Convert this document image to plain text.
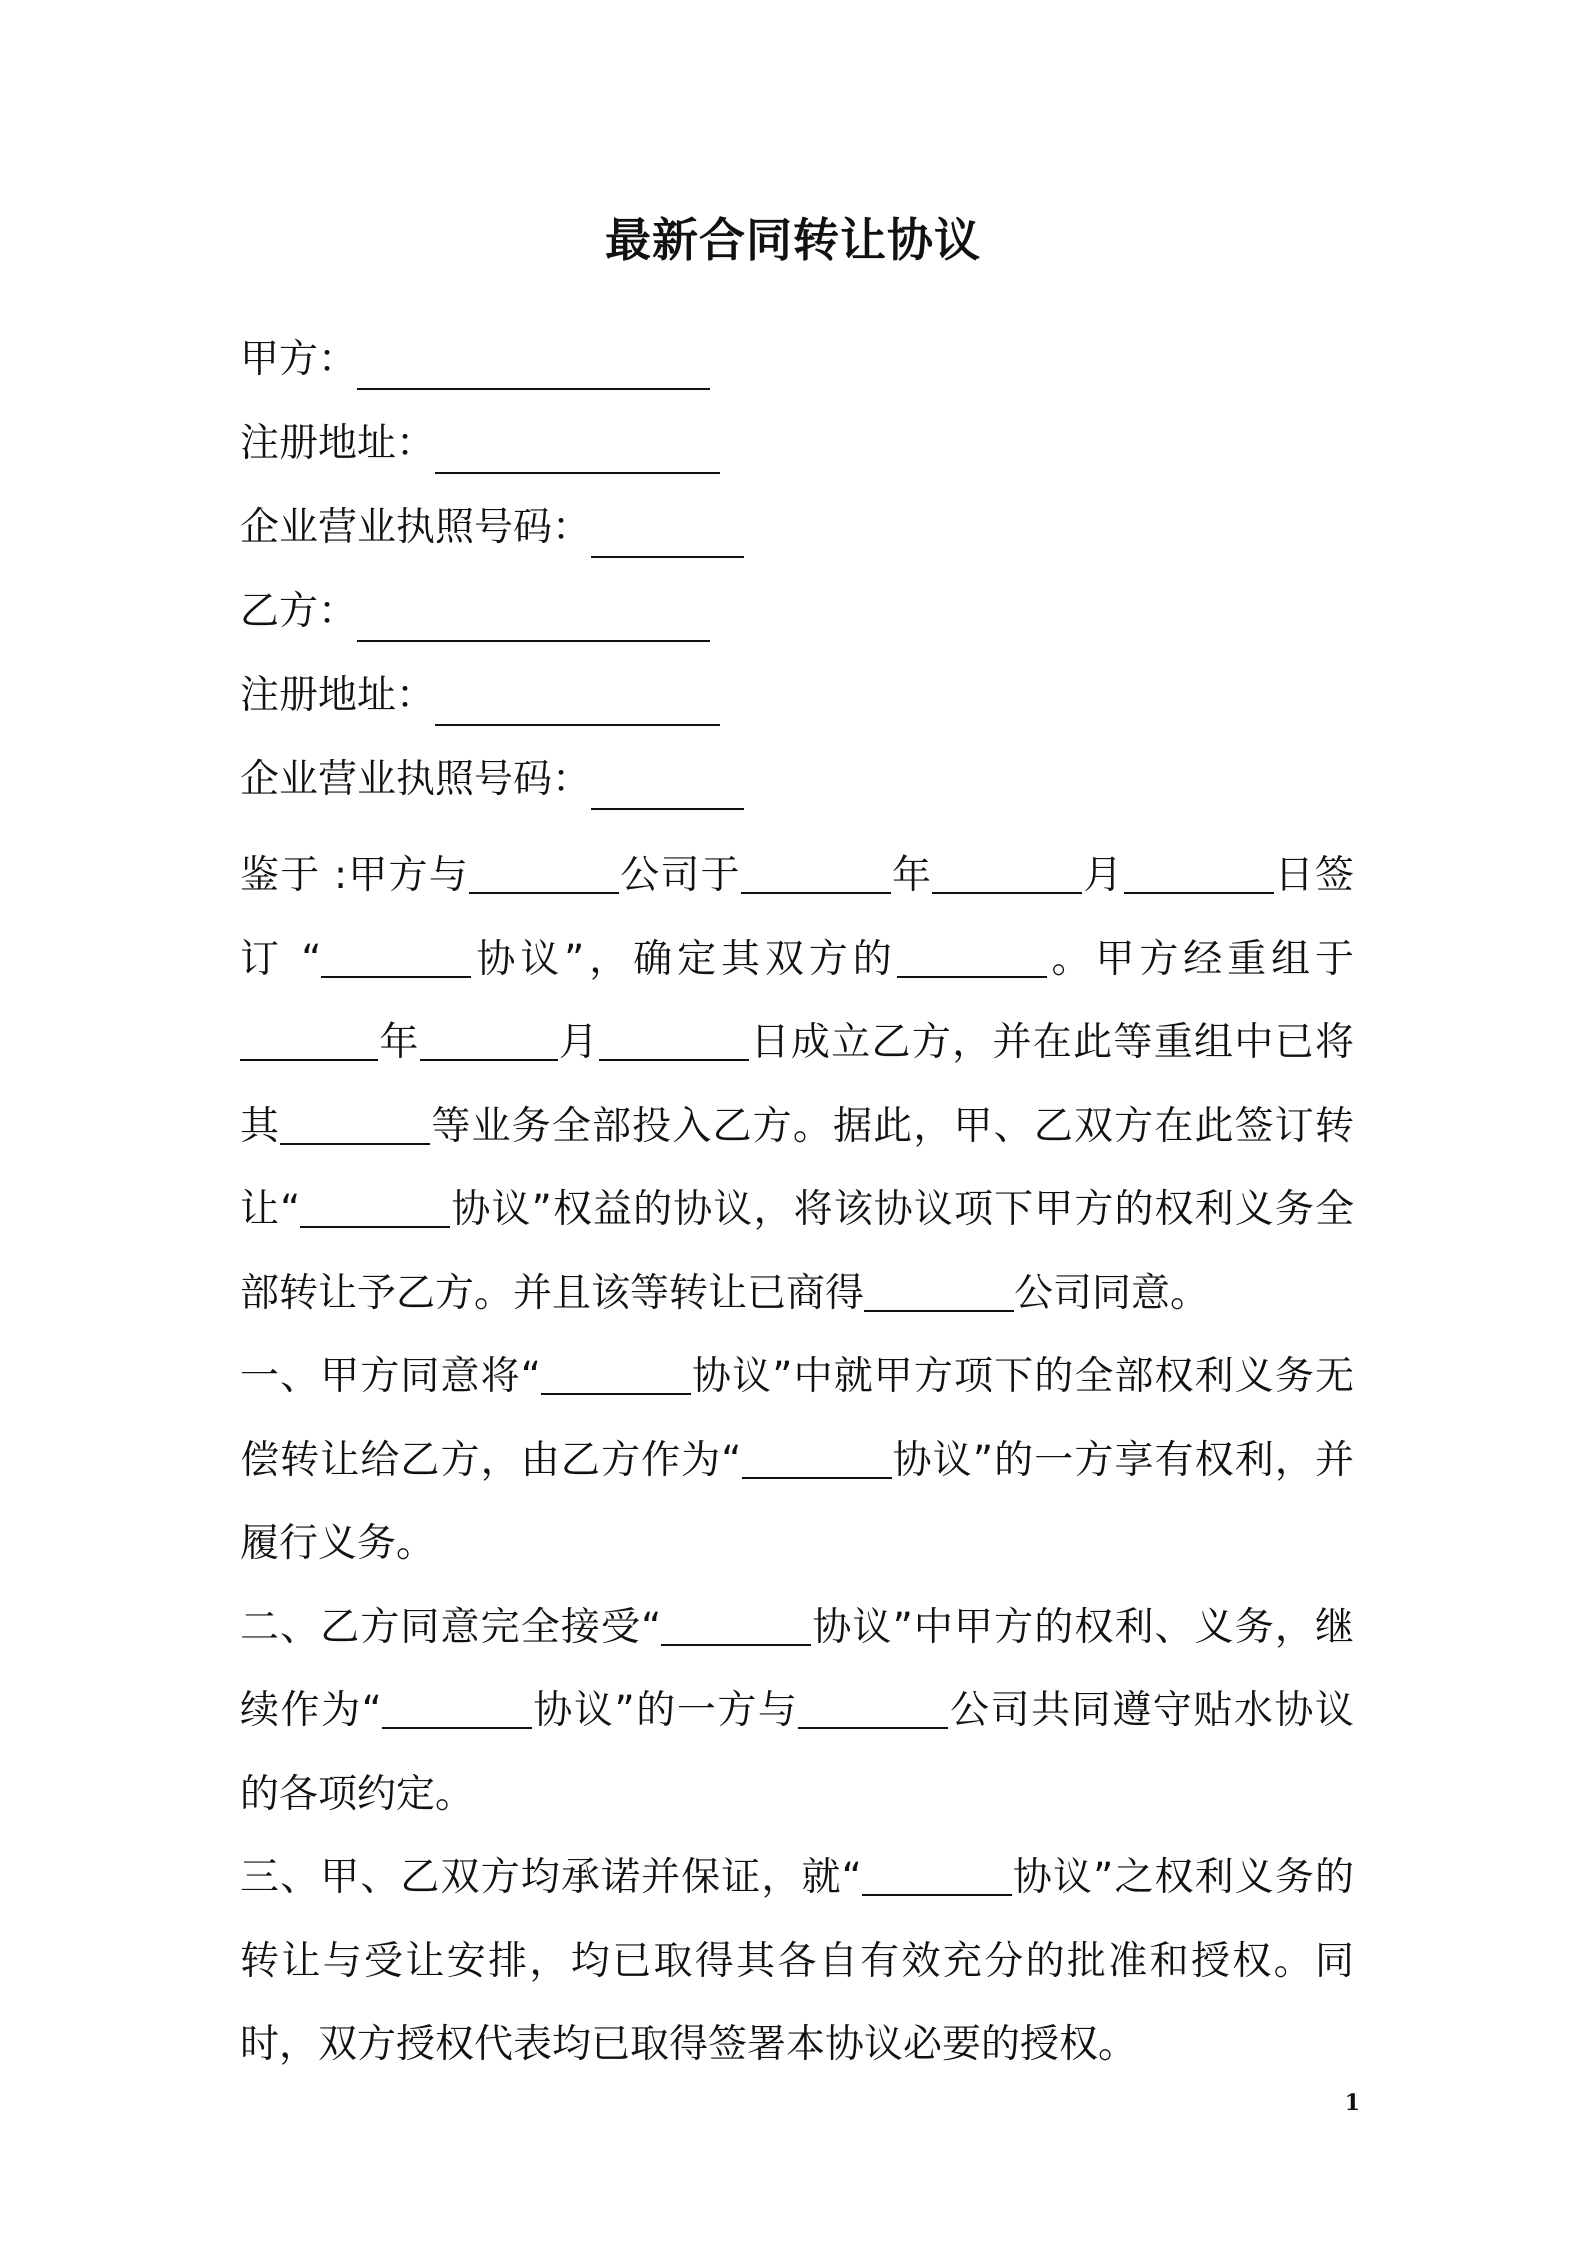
最新合同转让协议
甲方：
注册地址：
企业营业执照号码：
乙方：
注册地址：
企业营业执照号码：

鉴于 :甲方与	公司于	年	月	日签订 “	协议”，确定其双方的	。甲方经重组于年	月	日成立乙方，并在此等重组中已将其	等业务全部投入乙方。据此，甲、乙双方在此签订转让“	协议”权益的协议，将该协议项下甲方的权利义务全部转让予乙方。并且该等转让已商得	公司同意。

一、甲方同意将“	协议”中就甲方项下的全部权利义务无偿转让给乙方，由乙方作为“	协议”的一方享有权利，并履行义务。

二、乙方同意完全接受“	协议”中甲方的权利、义务，继续作为“	协议”的一方与	公司共同遵守贴水协议的各项约定。

三、甲、乙双方均承诺并保证，就“	协议”之权利义务的转让与受让安排，均已取得其各自有效充分的批准和授权。同时，双方授权代表均已取得签署本协议必要的授权。

1
